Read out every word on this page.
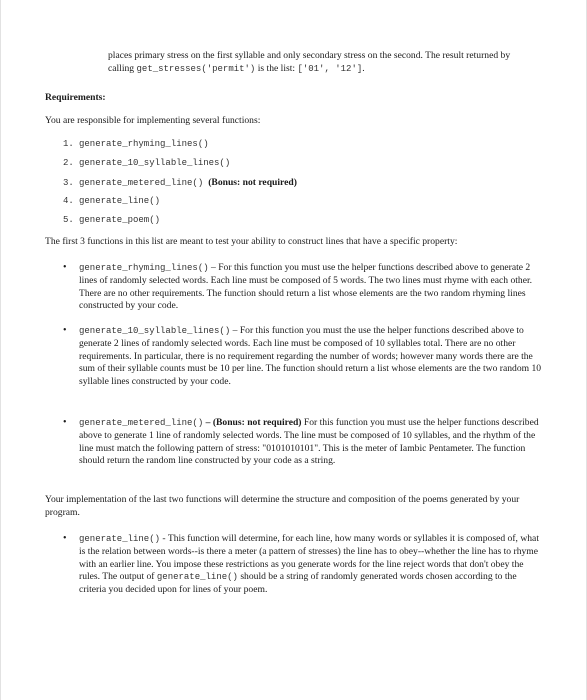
places primary stress on the first syllable and only secondary stress on the second. The result returned by calling get_stresses('permit') is the list: ['01', '12'].

Requirements:

You are responsible for implementing several functions:

1. generate_rhyming_lines()
2. generate_10_syllable_lines()
3. generate_metered_line() (Bonus: not required)
4. generate_line()
5. generate_poem()

The first 3 functions in this list are meant to test your ability to construct lines that have a specific property:

•	generate_rhyming_lines() – For this function you must use the helper functions described above to generate 2 lines of randomly selected words. Each line must be composed of 5 words. The two lines must rhyme with each other. There are no other requirements. The function should return a list whose elements are the two random rhyming lines constructed by your code.

•	generate_10_syllable_lines() – For this function you must the use the helper functions described above to generate 2 lines of randomly selected words. Each line must be composed of 10 syllables total. There are no other requirements. In particular, there is no requirement regarding the number of words; however many words there are the sum of their syllable counts must be 10 per line. The function should return a list whose elements are the two random 10 syllable lines constructed by your code.

•	generate_metered_line() – (Bonus: not required) For this function you must use the helper functions described above to generate 1 line of randomly selected words. The line must be composed of 10 syllables, and the rhythm of the line must match the following pattern of stress: "0101010101". This is the meter of Iambic Pentameter. The function should return the random line constructed by your code as a string.

Your implementation of the last two functions will determine the structure and composition of the poems generated by your program.

•	generate_line() - This function will determine, for each line, how many words or syllables it is composed of, what is the relation between words--is there a meter (a pattern of stresses) the line has to obey--whether the line has to rhyme with an earlier line. You impose these restrictions as you generate words for the line reject words that don't obey the rules. The output of generate_line() should be a string of randomly generated words chosen according to the criteria you decided upon for lines of your poem.
